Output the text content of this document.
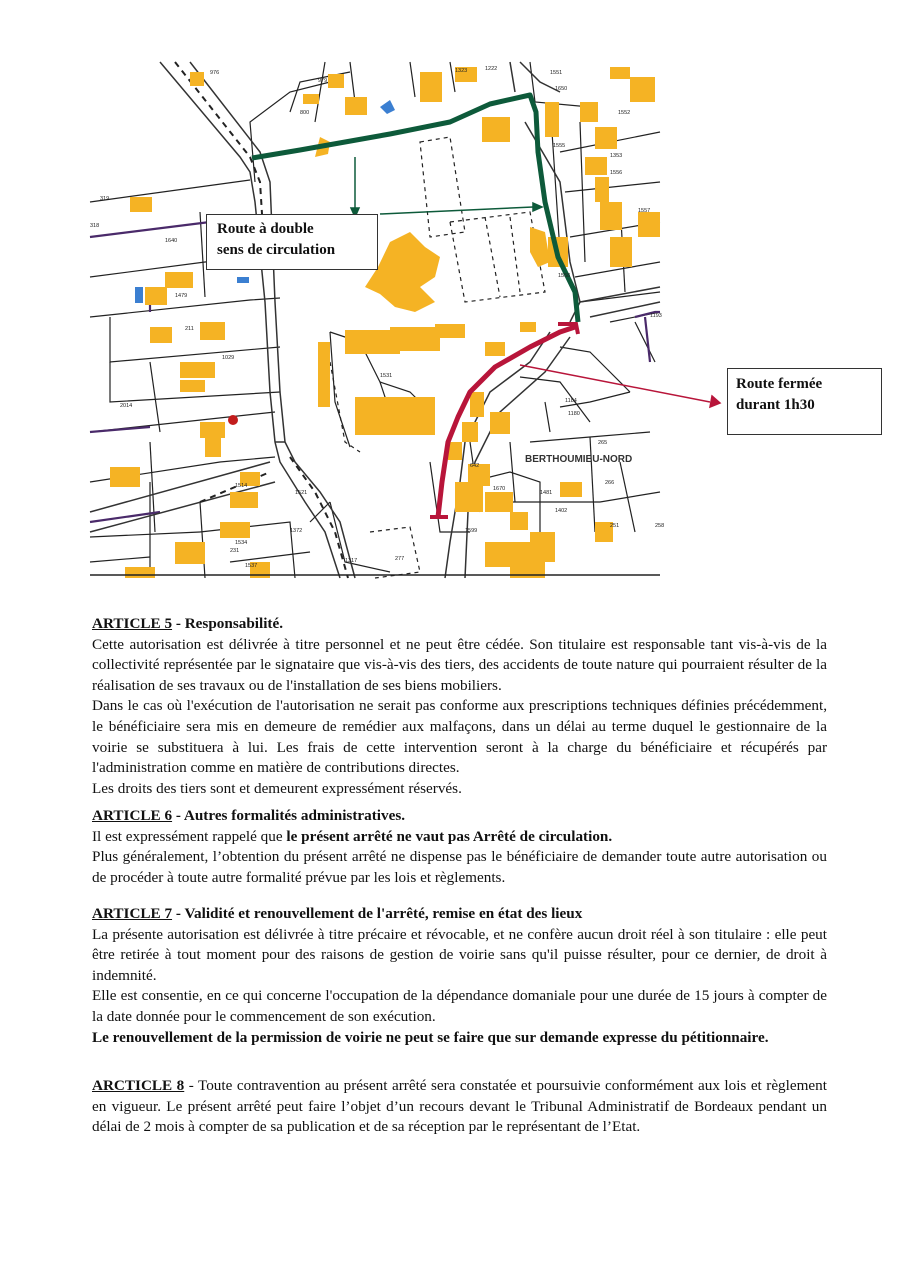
BERTHOUMIEU-NORD
976
979
800
1323	1222
1551
1650
1552
1555
1353
1556
1557
319
318
1640
1479
1558
211
1029
1531
1193
2014
1184
1180
265
1514
1521
1534
231
1537
1372
1317	277
266
251	258
642
1670
1481
1402
1599
Route à double
sens de circulation
Route fermée
durant 1h30

ARTICLE 5 - Responsabilité.

Cette autorisation est délivrée à titre personnel et ne peut être cédée. Son titulaire est responsable tant vis-à-vis de la collectivité représentée par le signataire que vis-à-vis des tiers, des accidents de toute nature qui pourraient résulter de la réalisation de ses travaux ou de l'installation de ses biens mobiliers.

Dans le cas où l'exécution de l'autorisation ne serait pas conforme aux prescriptions techniques définies précédemment, le bénéficiaire sera mis en demeure de remédier aux malfaçons, dans un délai au terme duquel le gestionnaire de la voirie se substituera à lui. Les frais de cette intervention seront à la charge du bénéficiaire et récupérés par l'administration comme en matière de contributions directes.

Les droits des tiers sont et demeurent expressément réservés.

ARTICLE 6 - Autres formalités administratives.

Il est expressément rappelé que le présent arrêté ne vaut pas Arrêté de circulation.

Plus généralement, l’obtention du présent arrêté ne dispense pas le bénéficiaire de demander toute autre autorisation ou de procéder à toute autre formalité prévue par les lois et règlements.

ARTICLE 7 - Validité et renouvellement de l'arrêté, remise en état des lieux

La présente autorisation est délivrée à titre précaire et révocable, et ne confère aucun droit réel à son titulaire : elle peut être retirée à tout moment pour des raisons de gestion de voirie sans qu'il puisse résulter, pour ce dernier, de droit à indemnité.

Elle est consentie, en ce qui concerne l'occupation de la dépendance domaniale pour une durée de 15 jours à compter de la date donnée pour le commencement de son exécution.

Le renouvellement de la permission de voirie ne peut se faire que sur demande expresse du pétitionnaire.

ARCTICLE 8 - Toute contravention au présent arrêté sera constatée et poursuivie conformément aux lois et règlement en vigueur. Le présent arrêté peut faire l’objet d’un recours devant le Tribunal Administratif de Bordeaux pendant un délai de 2 mois à compter de sa publication et de sa réception par le représentant de l’Etat.
